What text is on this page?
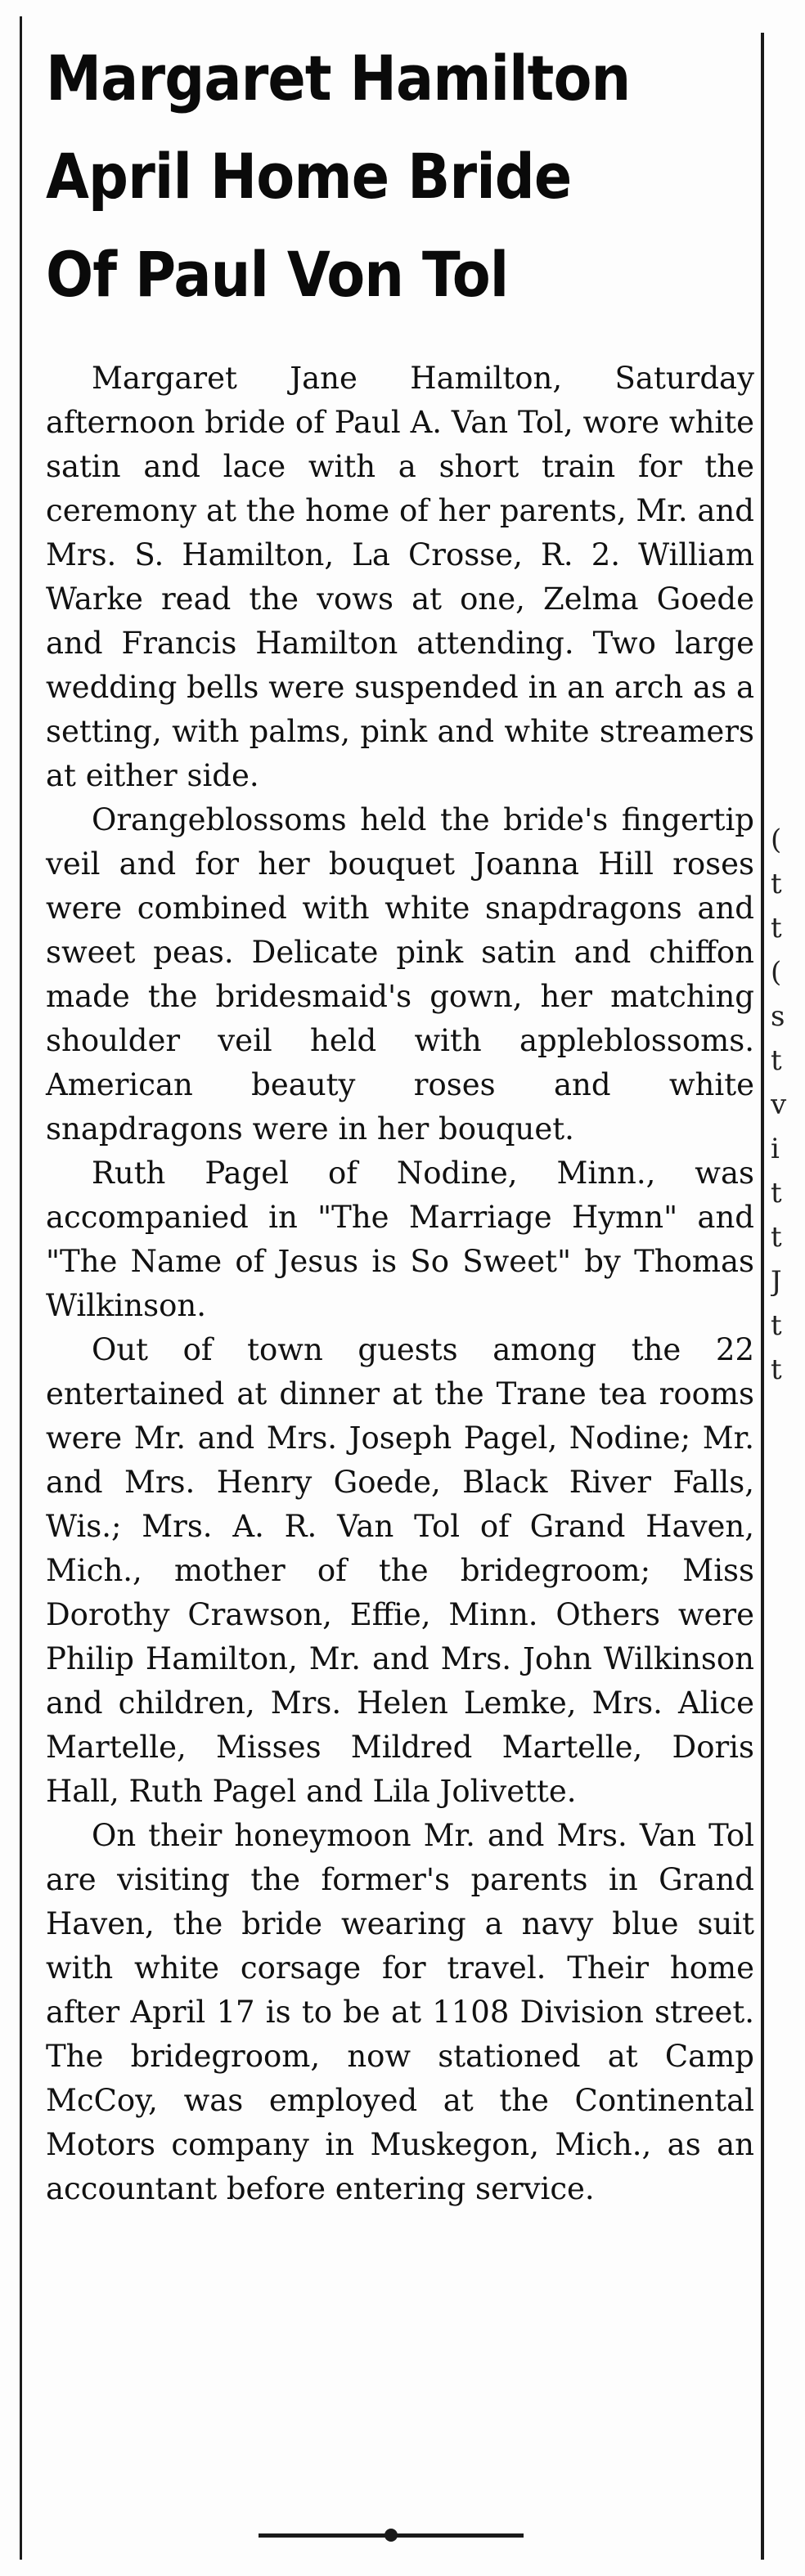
(
t
t
(
s
t
v
i
t
t
J
t
t
Margaret Hamilton
April Home Bride
Of Paul Von Tol

Margaret Jane Hamilton, Saturday afternoon bride of Paul A. Van Tol, wore white satin and lace with a short train for the ceremony at the home of her parents, Mr. and Mrs. S. Hamilton, La Crosse, R. 2. William Warke read the vows at one, Zelma Goede and Francis Hamilton attending. Two large wedding bells were suspended in an arch as a setting, with palms, pink and white streamers at either side.

Orangeblossoms held the bride's fingertip veil and for her bouquet Joanna Hill roses were combined with white snapdragons and sweet peas. Delicate pink satin and chiffon made the bridesmaid's gown, her matching shoulder veil held with appleblossoms. American beauty roses and white snapdragons were in her bouquet.

Ruth Pagel of Nodine, Minn., was accompanied in "The Marriage Hymn" and "The Name of Jesus is So Sweet" by Thomas Wilkinson.

Out of town guests among the 22 entertained at dinner at the Trane tea rooms were Mr. and Mrs. Joseph Pagel, Nodine; Mr. and Mrs. Henry Goede, Black River Falls, Wis.; Mrs. A. R. Van Tol of Grand Haven, Mich., mother of the bridegroom; Miss Dorothy Crawson, Effie, Minn. Others were Philip Hamilton, Mr. and Mrs. John Wilkinson and children, Mrs. Helen Lemke, Mrs. Alice Martelle, Misses Mildred Martelle, Doris Hall, Ruth Pagel and Lila Jolivette.

On their honeymoon Mr. and Mrs. Van Tol are visiting the former's parents in Grand Haven, the bride wearing a navy blue suit with white corsage for travel. Their home after April 17 is to be at 1108 Division street. The bridegroom, now stationed at Camp McCoy, was employed at the Continental Motors company in Muskegon, Mich., as an accountant before entering service.
